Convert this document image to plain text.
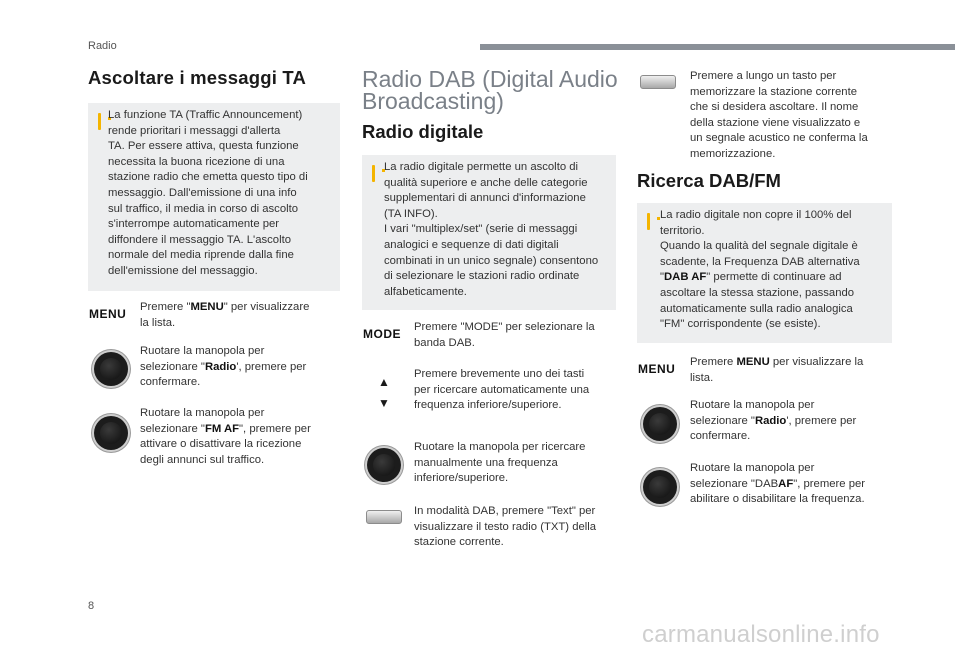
Radio
Ascoltare i messaggi TA
La funzione TA (Traffic Announcement)
rende prioritari i messaggi d'allerta
TA. Per essere attiva, questa funzione
necessita la buona ricezione di una
stazione radio che emetta questo tipo di
messaggio. Dall'emissione di una info
sul traffico, il media in corso di ascolto
s'interrompe automaticamente per
diffondere il messaggio TA. L'ascolto
normale del media riprende dalla fine
dell'emissione del messaggio.
MENU Premere "MENU" per visualizzare
la lista.
Ruotare la manopola per
selezionare "Radio', premere per
confermare.
Ruotare la manopola per
selezionare "FM AF", premere per
attivare o disattivare la ricezione
degli annunci sul traffico.
Radio DAB (Digital Audio
Broadcasting)
Radio digitale
La radio digitale permette un ascolto di
qualità superiore e anche delle categorie
supplementari di annunci d'informazione
(TA INFO).
I vari "multiplex/set" (serie di messaggi
analogici e sequenze di dati digitali
combinati in un unico segnale) consentono
di selezionare le stazioni radio ordinate
alfabeticamente.
MODE Premere "MODE" per selezionare la
banda DAB.
▲
▼
Premere brevemente uno dei tasti
per ricercare automaticamente una
frequenza inferiore/superiore.
Ruotare la manopola per ricercare
manualmente una frequenza
inferiore/superiore.
In modalità DAB, premere "Text" per
visualizzare il testo radio (TXT) della
stazione corrente.
Premere a lungo un tasto per
memorizzare la stazione corrente
che si desidera ascoltare. Il nome
della stazione viene visualizzato e
un segnale acustico ne conferma la
memorizzazione.
Ricerca DAB/FM
La radio digitale non copre il 100% del
territorio.
Quando la qualità del segnale digitale è
scadente, la Frequenza DAB alternativa
"DAB AF" permette di continuare ad
ascoltare la stessa stazione, passando
automaticamente sulla radio analogica
"FM" corrispondente (se esiste).
MENU Premere MENU per visualizzare la
lista.
Ruotare la manopola per
selezionare "Radio', premere per
confermare.
Ruotare la manopola per
selezionare "DABAF", premere per
abilitare o disabilitare la frequenza.
8
carmanualsonline.info
